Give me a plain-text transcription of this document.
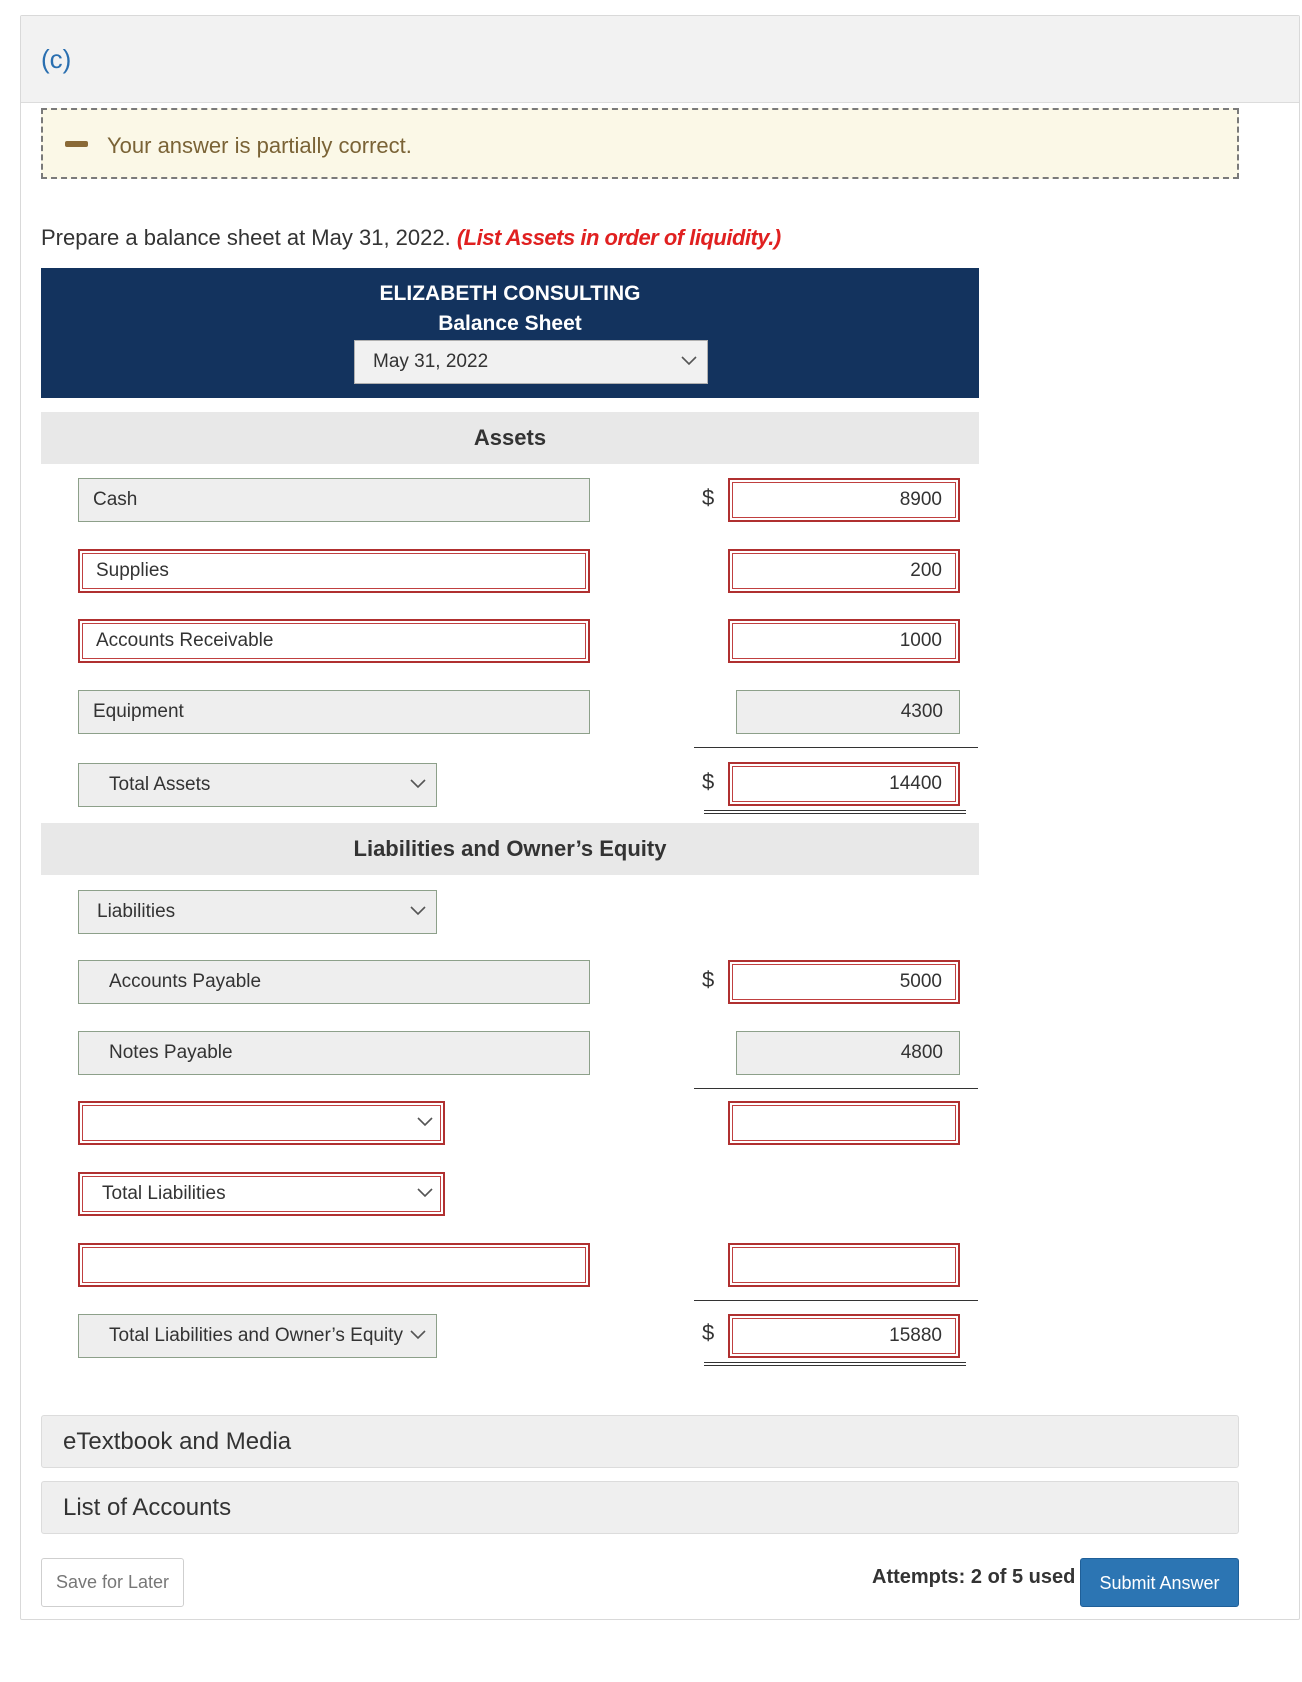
(c)
Your answer is partially correct.
Prepare a balance sheet at May 31, 2022. (List Assets in order of liquidity.)
ELIZABETH CONSULTING
Balance Sheet
May 31, 2022
Assets
Cash	$	8900
Supplies	200
Accounts Receivable	1000
Equipment	4300
Total Assets	$	14400
Liabilities and Owner’s Equity
Liabilities
Accounts Payable	$	5000
Notes Payable	4800
Total Liabilities
Total Liabilities and Owner’s Equity	$	15880
eTextbook and Media
List of Accounts
Save for Later	Attempts: 2 of 5 used	Submit Answer
